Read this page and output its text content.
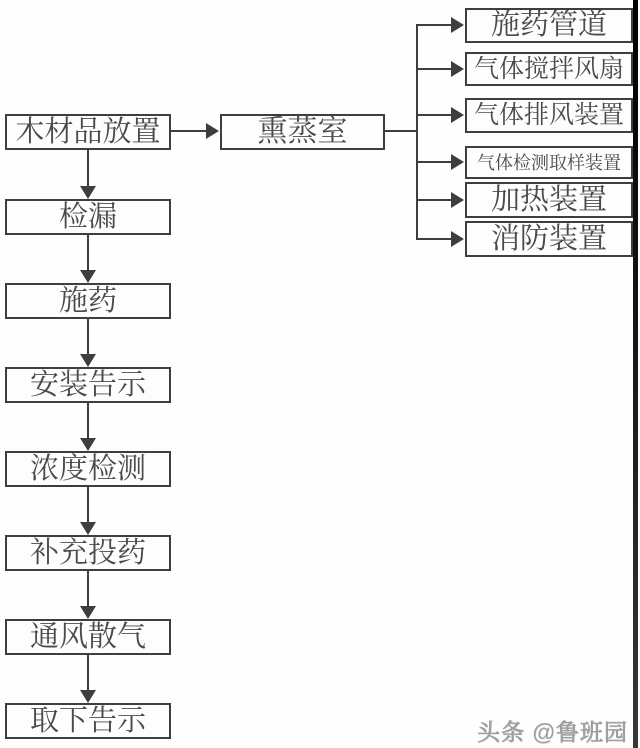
木材品放置
检漏
施药
安装告示
浓度检测
补充投药
通风散气
取下告示
熏蒸室
施药管道
气体搅拌风扇
气体排风装置
气体检测取样装置
加热装置
消防装置
头条 @鲁班园
